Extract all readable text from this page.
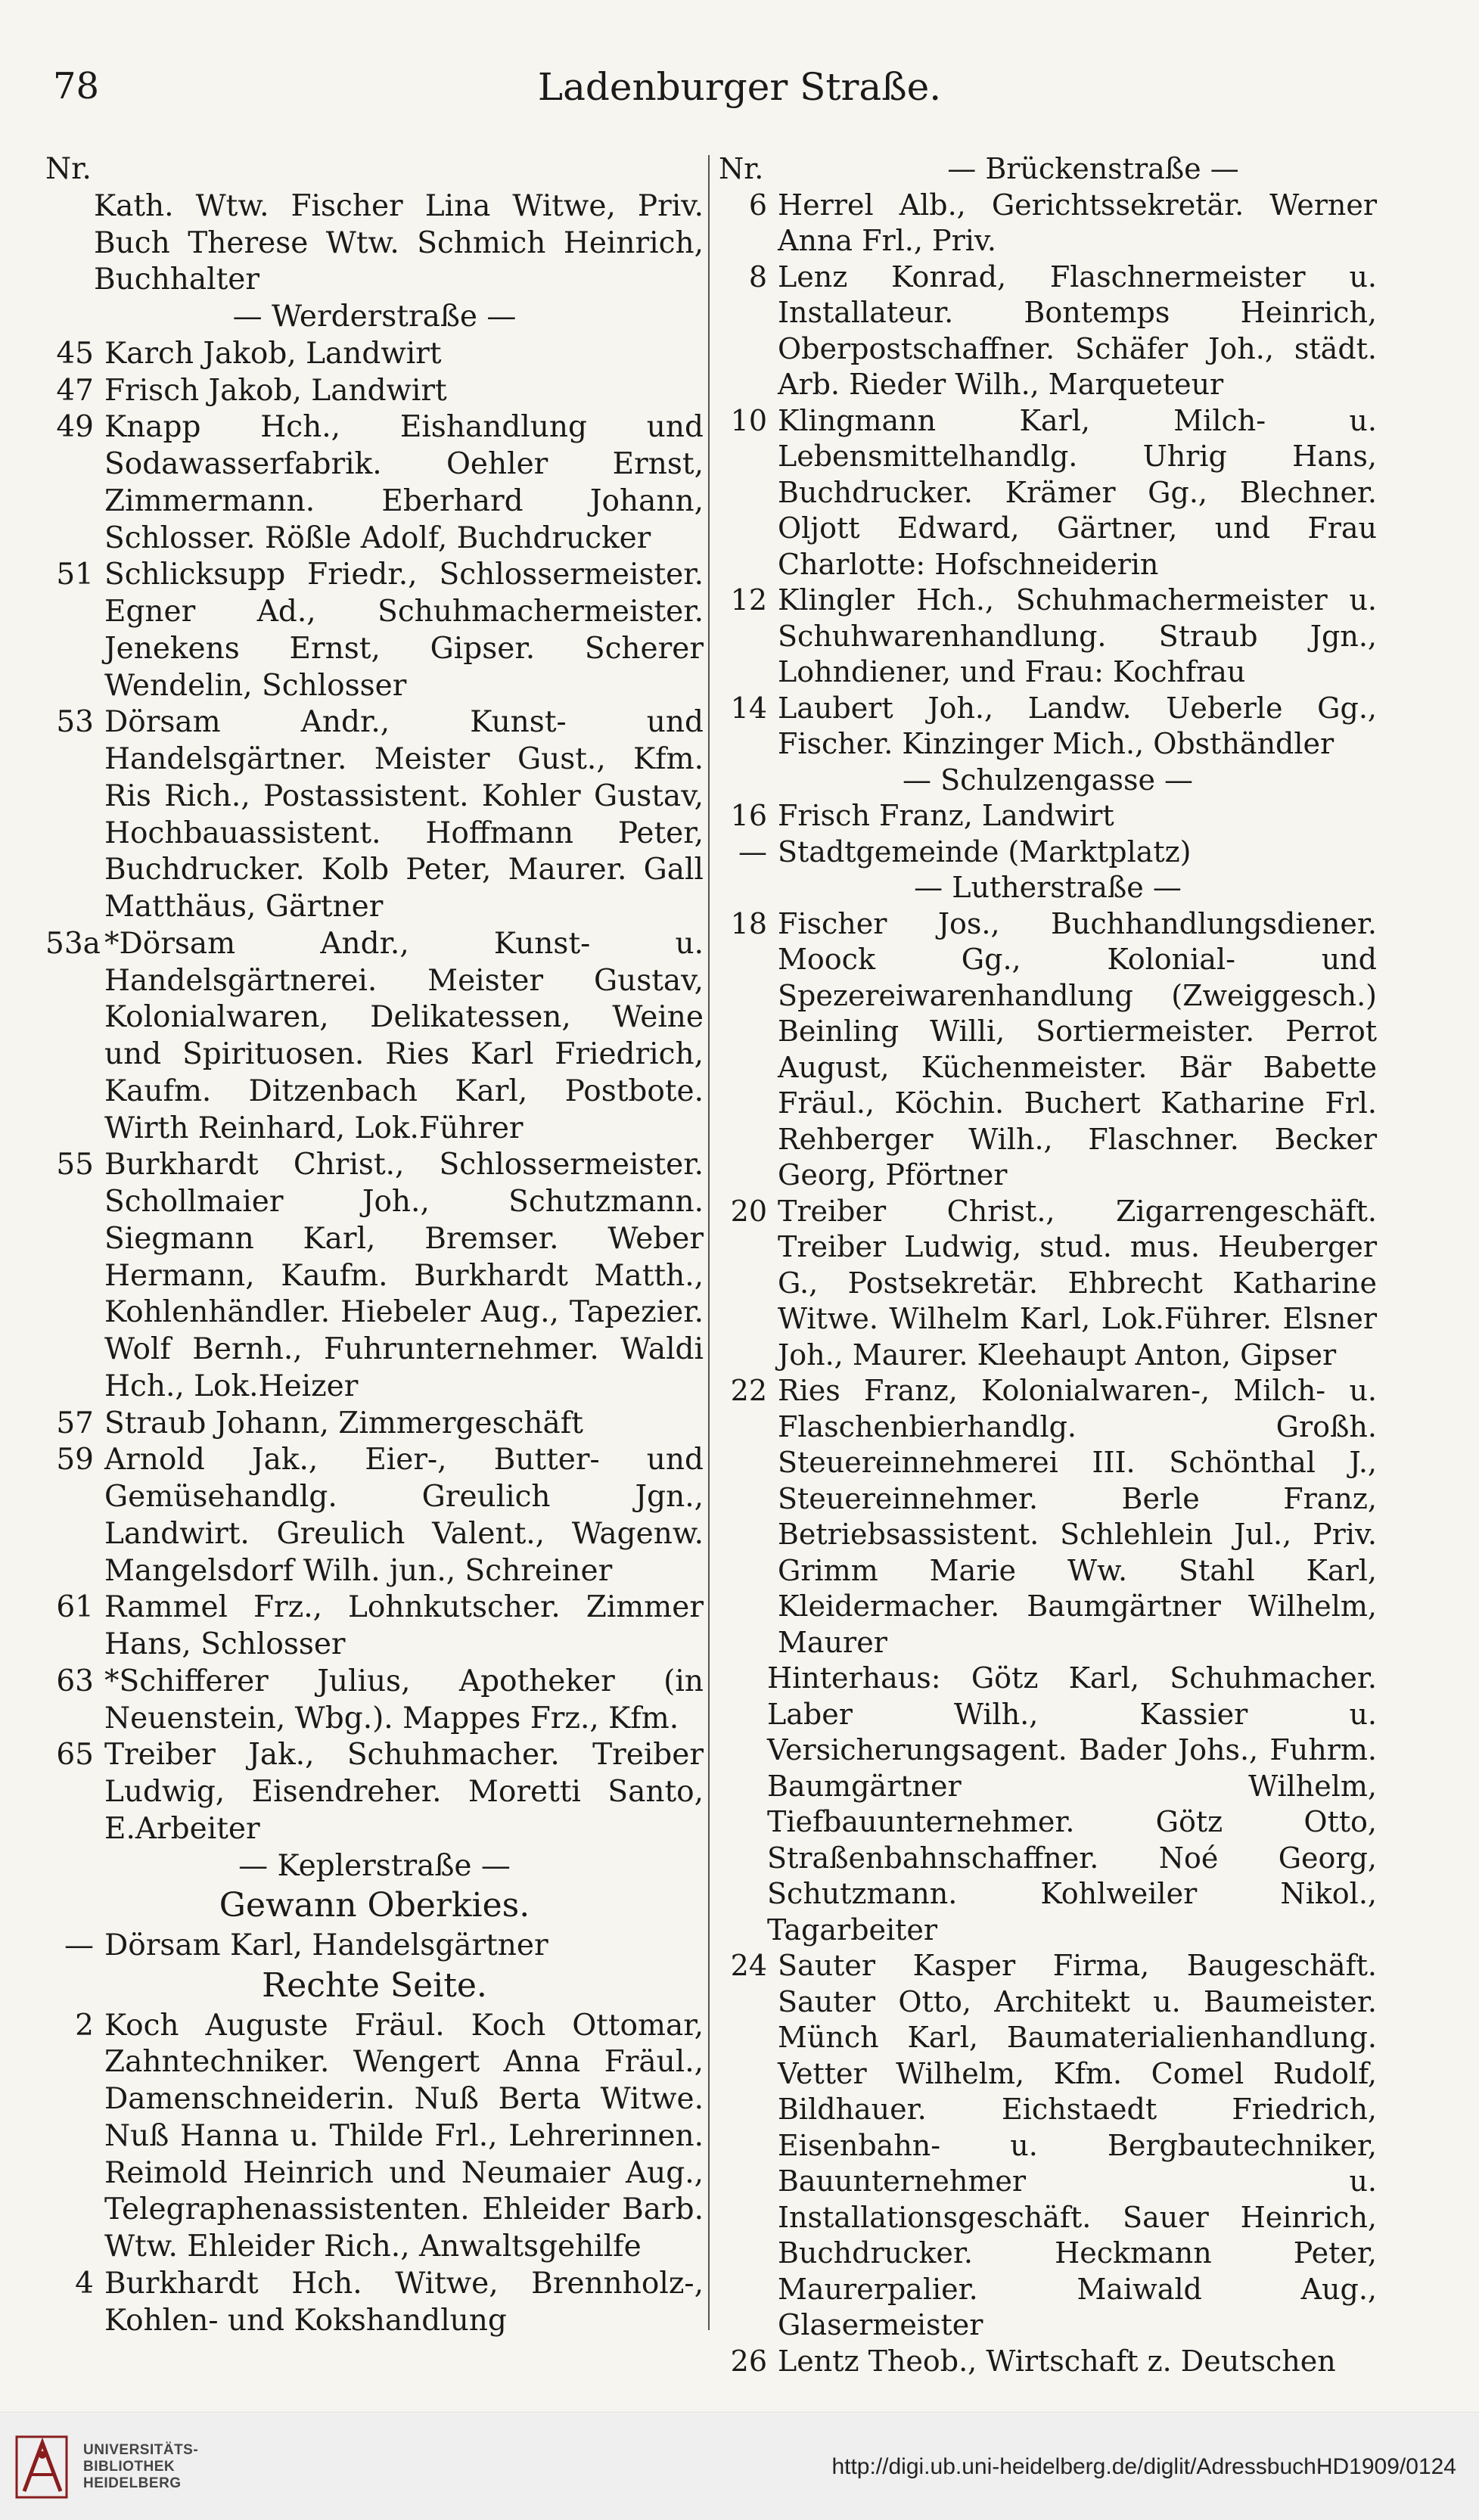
78	Ladenburger Straße.
Nr.
Kath. Wtw. Fischer Lina Witwe, Priv. Buch Therese Wtw. Schmich Heinrich, Buchhalter
— Werderstraße —
45 Karch Jakob, Landwirt
47 Frisch Jakob, Landwirt
49 Knapp Hch., Eishandlung und Sodawasserfabrik. Oehler Ernst, Zimmermann. Eberhard Johann, Schlosser. Rößle Adolf, Buchdrucker
51 Schlicksupp Friedr., Schlossermeister. Egner Ad., Schuhmachermeister. Jenekens Ernst, Gipser. Scherer Wendelin, Schlosser
53 Dörsam Andr., Kunst- und Handelsgärtner. Meister Gust., Kfm. Ris Rich., Postassistent. Kohler Gustav, Hochbauassistent. Hoffmann Peter, Buchdrucker. Kolb Peter, Maurer. Gall Matthäus, Gärtner
53a *Dörsam Andr., Kunst- u. Handelsgärtnerei. Meister Gustav, Kolonialwaren, Delikatessen, Weine und Spirituosen. Ries Karl Friedrich, Kaufm. Ditzenbach Karl, Postbote. Wirth Reinhard, Lok.Führer
55 Burkhardt Christ., Schlossermeister. Schollmaier Joh., Schutzmann. Siegmann Karl, Bremser. Weber Hermann, Kaufm. Burkhardt Matth., Kohlenhändler. Hiebeler Aug., Tapezier. Wolf Bernh., Fuhrunternehmer. Waldi Hch., Lok.Heizer
57 Straub Johann, Zimmergeschäft
59 Arnold Jak., Eier-, Butter- und Gemüsehandlg. Greulich Jgn., Landwirt. Greulich Valent., Wagenw. Mangelsdorf Wilh. jun., Schreiner
61 Rammel Frz., Lohnkutscher. Zimmer Hans, Schlosser
63 *Schifferer Julius, Apotheker (in Neuenstein, Wbg.). Mappes Frz., Kfm.
65 Treiber Jak., Schuhmacher. Treiber Ludwig, Eisendreher. Moretti Santo, E.Arbeiter
— Keplerstraße —
Gewann Oberkies.
— Dörsam Karl, Handelsgärtner
Rechte Seite.
2 Koch Auguste Fräul. Koch Ottomar, Zahntechniker. Wengert Anna Fräul., Damenschneiderin. Nuß Berta Witwe. Nuß Hanna u. Thilde Frl., Lehrerinnen. Reimold Heinrich und Neumaier Aug., Telegraphenassistenten. Ehleider Barb. Wtw. Ehleider Rich., Anwaltsgehilfe
4 Burkhardt Hch. Witwe, Brennholz-, Kohlen- und Kokshandlung
Nr.	— Brückenstraße —
6 Herrel Alb., Gerichtssekretär. Werner Anna Frl., Priv.
8 Lenz Konrad, Flaschnermeister u. Installateur. Bontemps Heinrich, Oberpostschaffner. Schäfer Joh., städt. Arb. Rieder Wilh., Marqueteur
10 Klingmann Karl, Milch- u. Lebensmittelhandlg. Uhrig Hans, Buchdrucker. Krämer Gg., Blechner. Oljott Edward, Gärtner, und Frau Charlotte: Hofschneiderin
12 Klingler Hch., Schuhmachermeister u. Schuhwarenhandlung. Straub Jgn., Lohndiener, und Frau: Kochfrau
14 Laubert Joh., Landw. Ueberle Gg., Fischer. Kinzinger Mich., Obsthändler
— Schulzengasse —
16 Frisch Franz, Landwirt
— Stadtgemeinde (Marktplatz)
— Lutherstraße —
18 Fischer Jos., Buchhandlungsdiener. Moock Gg., Kolonial- und Spezereiwarenhandlung (Zweiggesch.) Beinling Willi, Sortiermeister. Perrot August, Küchenmeister. Bär Babette Fräul., Köchin. Buchert Katharine Frl. Rehberger Wilh., Flaschner. Becker Georg, Pförtner
20 Treiber Christ., Zigarrengeschäft. Treiber Ludwig, stud. mus. Heuberger G., Postsekretär. Ehbrecht Katharine Witwe. Wilhelm Karl, Lok.Führer. Elsner Joh., Maurer. Kleehaupt Anton, Gipser
22 Ries Franz, Kolonialwaren-, Milch- u. Flaschenbierhandlg. Großh. Steuereinnehmerei III. Schönthal J., Steuereinnehmer. Berle Franz, Betriebsassistent. Schlehlein Jul., Priv. Grimm Marie Ww. Stahl Karl, Kleidermacher. Baumgärtner Wilhelm, Maurer
Hinterhaus: Götz Karl, Schuhmacher. Laber Wilh., Kassier u. Versicherungsagent. Bader Johs., Fuhrm. Baumgärtner Wilhelm, Tiefbauunternehmer. Götz Otto, Straßenbahnschaffner. Noé Georg, Schutzmann. Kohlweiler Nikol., Tagarbeiter
24 Sauter Kasper Firma, Baugeschäft. Sauter Otto, Architekt u. Baumeister. Münch Karl, Baumaterialienhandlung. Vetter Wilhelm, Kfm. Comel Rudolf, Bildhauer. Eichstaedt Friedrich, Eisenbahn- u. Bergbautechniker, Bauunternehmer u. Installationsgeschäft. Sauer Heinrich, Buchdrucker. Heckmann Peter, Maurerpalier. Maiwald Aug., Glasermeister
26 Lentz Theob., Wirtschaft z. Deutschen
UNIVERSITÄTS-
BIBLIOTHEK
HEIDELBERG
http://digi.ub.uni-heidelberg.de/diglit/AdressbuchHD1909/0124
